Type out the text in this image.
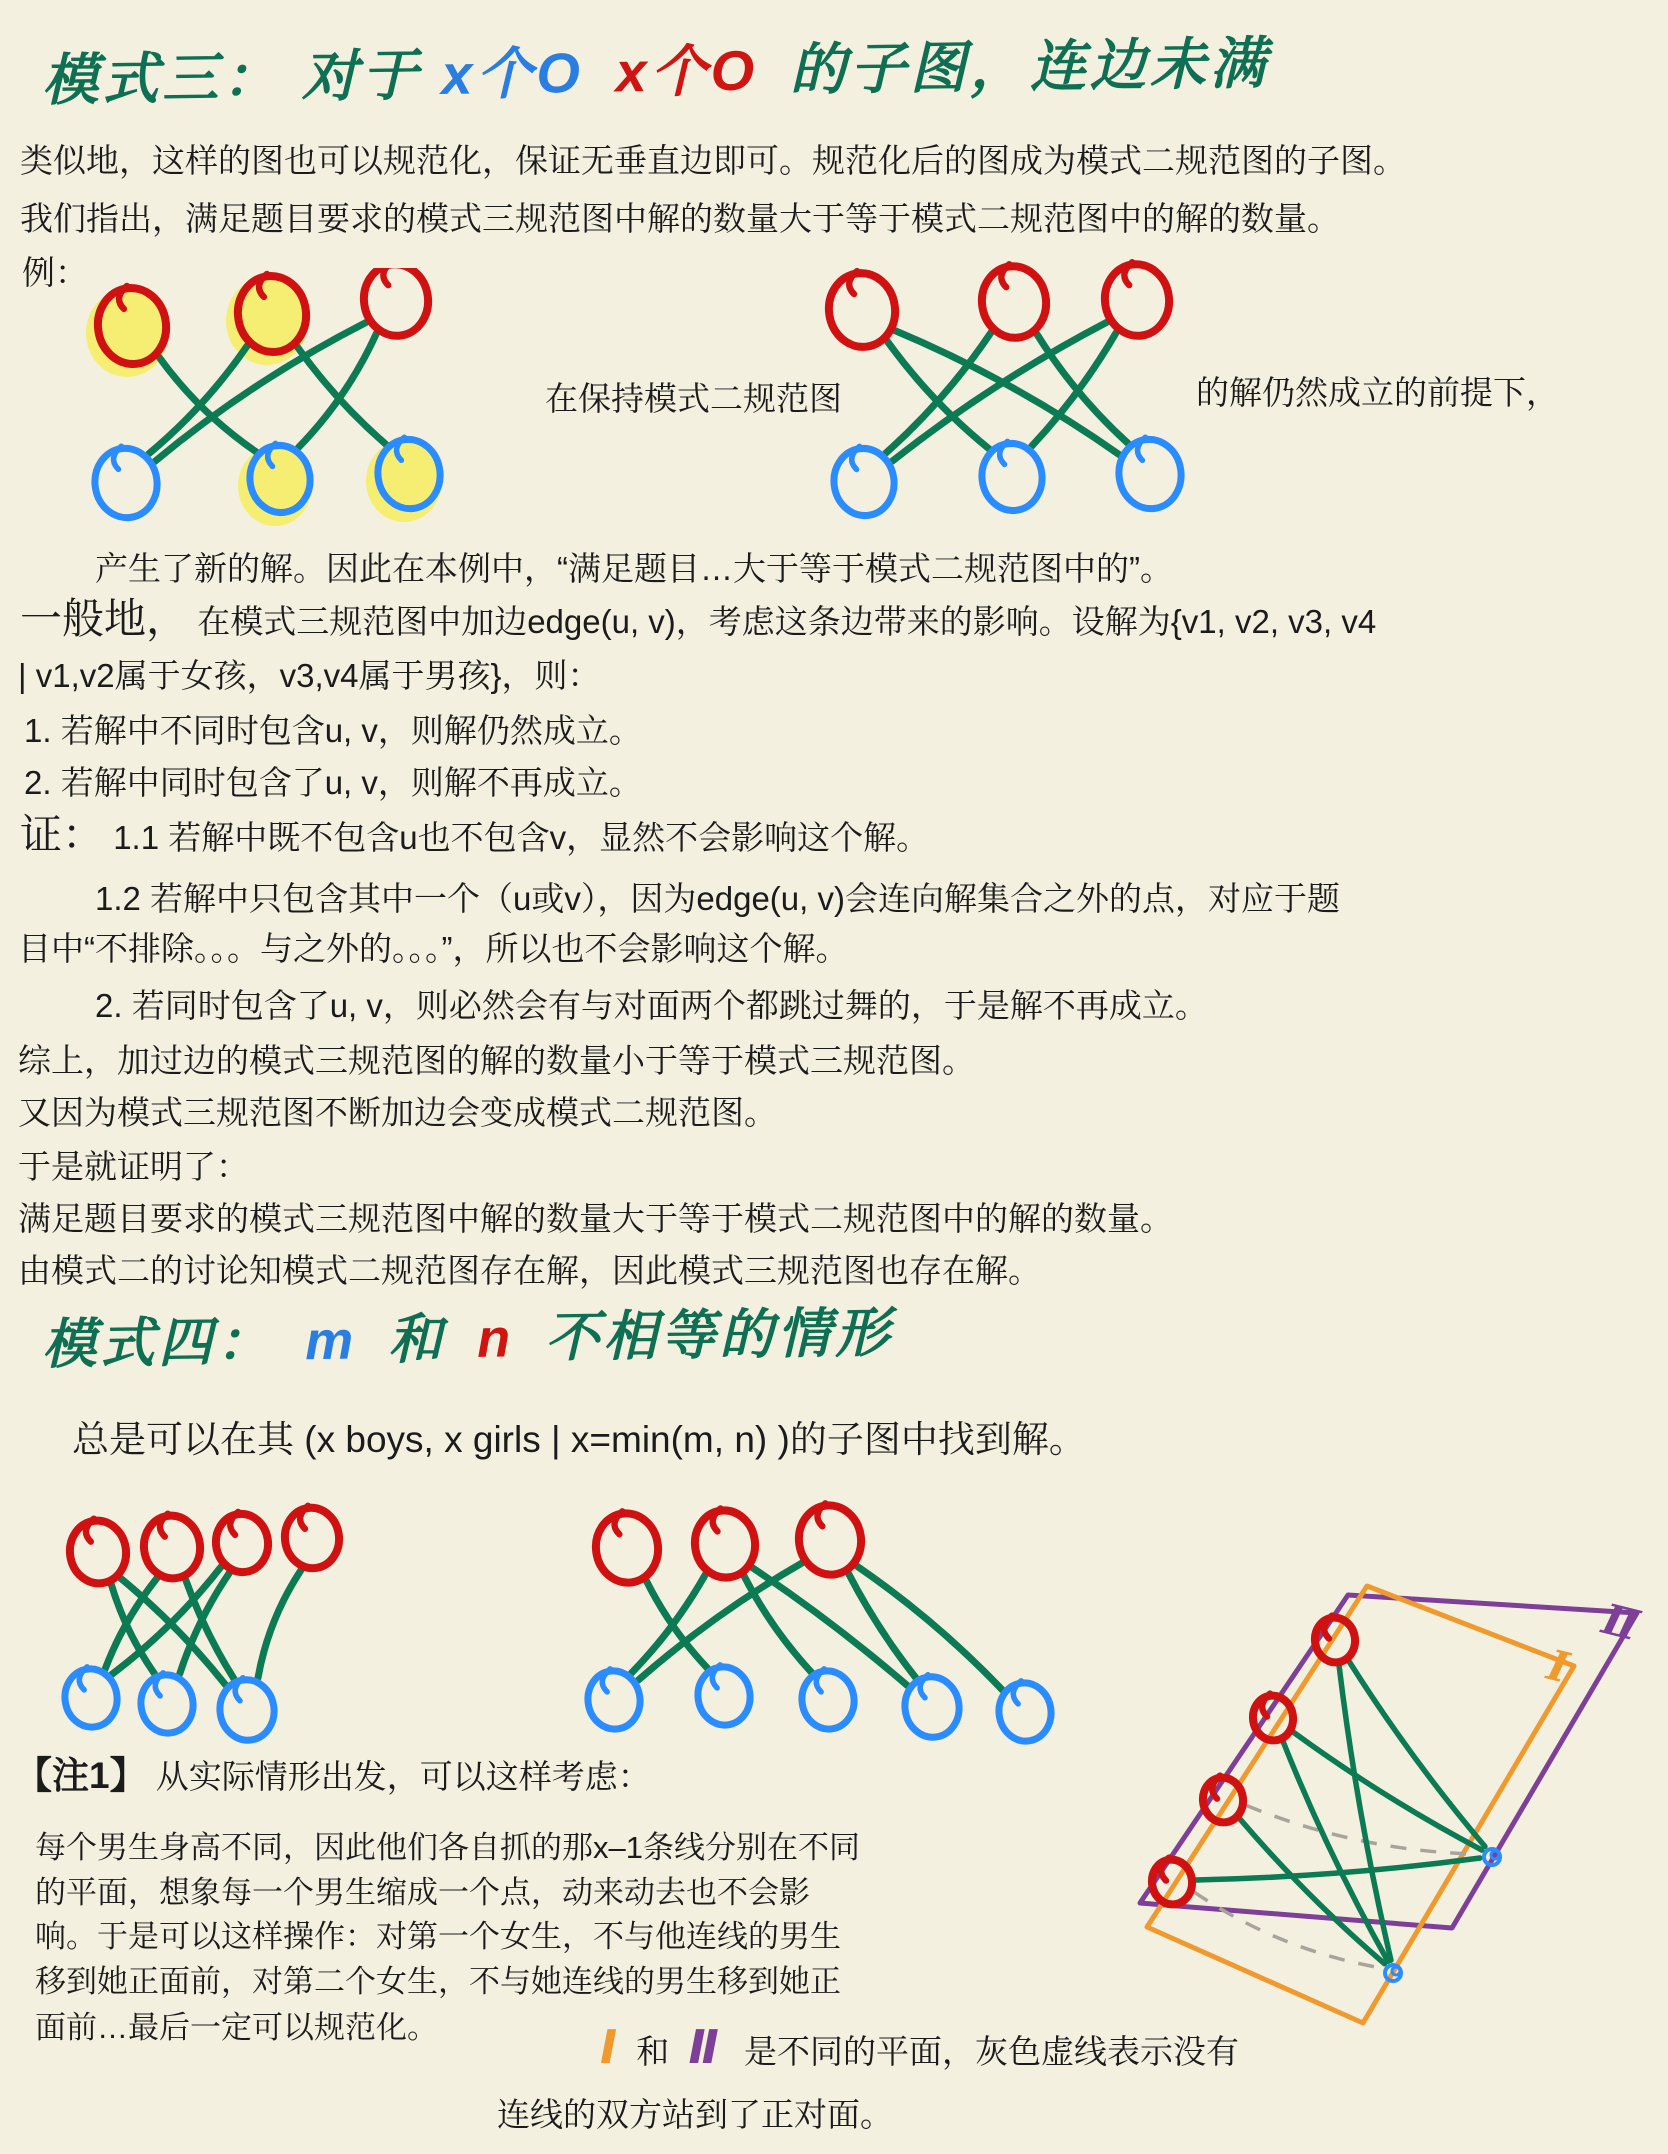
模式三： 对于 x个O x个O 的子图，连边未满
类似地，这样的图也可以规范化，保证无垂直边即可。规范化后的图成为模式二规范图的子图。
我们指出，满足题目要求的模式三规范图中解的数量大于等于模式二规范图中的解的数量。
例：
在保持模式二规范图	的解仍然成立的前提下，
产生了新的解。因此在本例中，“满足题目…大于等于模式二规范图中的”。
一般地， 在模式三规范图中加边edge(u, v)，考虑这条边带来的影响。设解为{v1, v2, v3, v4
| v1,v2属于女孩，v3,v4属于男孩}，则：
1. 若解中不同时包含u, v，则解仍然成立。
2. 若解中同时包含了u, v，则解不再成立。
证： 1.1 若解中既不包含u也不包含v，显然不会影响这个解。
1.2 若解中只包含其中一个（u或v），因为edge(u, v)会连向解集合之外的点，对应于题
目中“不排除。。。与之外的。。。”，所以也不会影响这个解。
2. 若同时包含了u, v，则必然会有与对面两个都跳过舞的，于是解不再成立。
综上，加过边的模式三规范图的解的数量小于等于模式三规范图。
又因为模式三规范图不断加边会变成模式二规范图。
于是就证明了：
满足题目要求的模式三规范图中解的数量大于等于模式二规范图中的解的数量。
由模式二的讨论知模式二规范图存在解，因此模式三规范图也存在解。
模式四： m 和 n 不相等的情形
总是可以在其 (x boys, x girls | x=min(m, n) )的子图中找到解。
【注1】 从实际情形出发，可以这样考虑：
每个男生身高不同，因此他们各自抓的那x–1条线分别在不同
的平面，想象每一个男生缩成一个点，动来动去也不会影
响。于是可以这样操作：对第一个女生，不与他连线的男生
移到她正面前，对第二个女生，不与她连线的男生移到她正
面前…最后一定可以规范化。	Ⅰ 和 Ⅱ 是不同的平面，灰色虚线表示没有
连线的双方站到了正对面。
Ⅰ
Ⅱ
